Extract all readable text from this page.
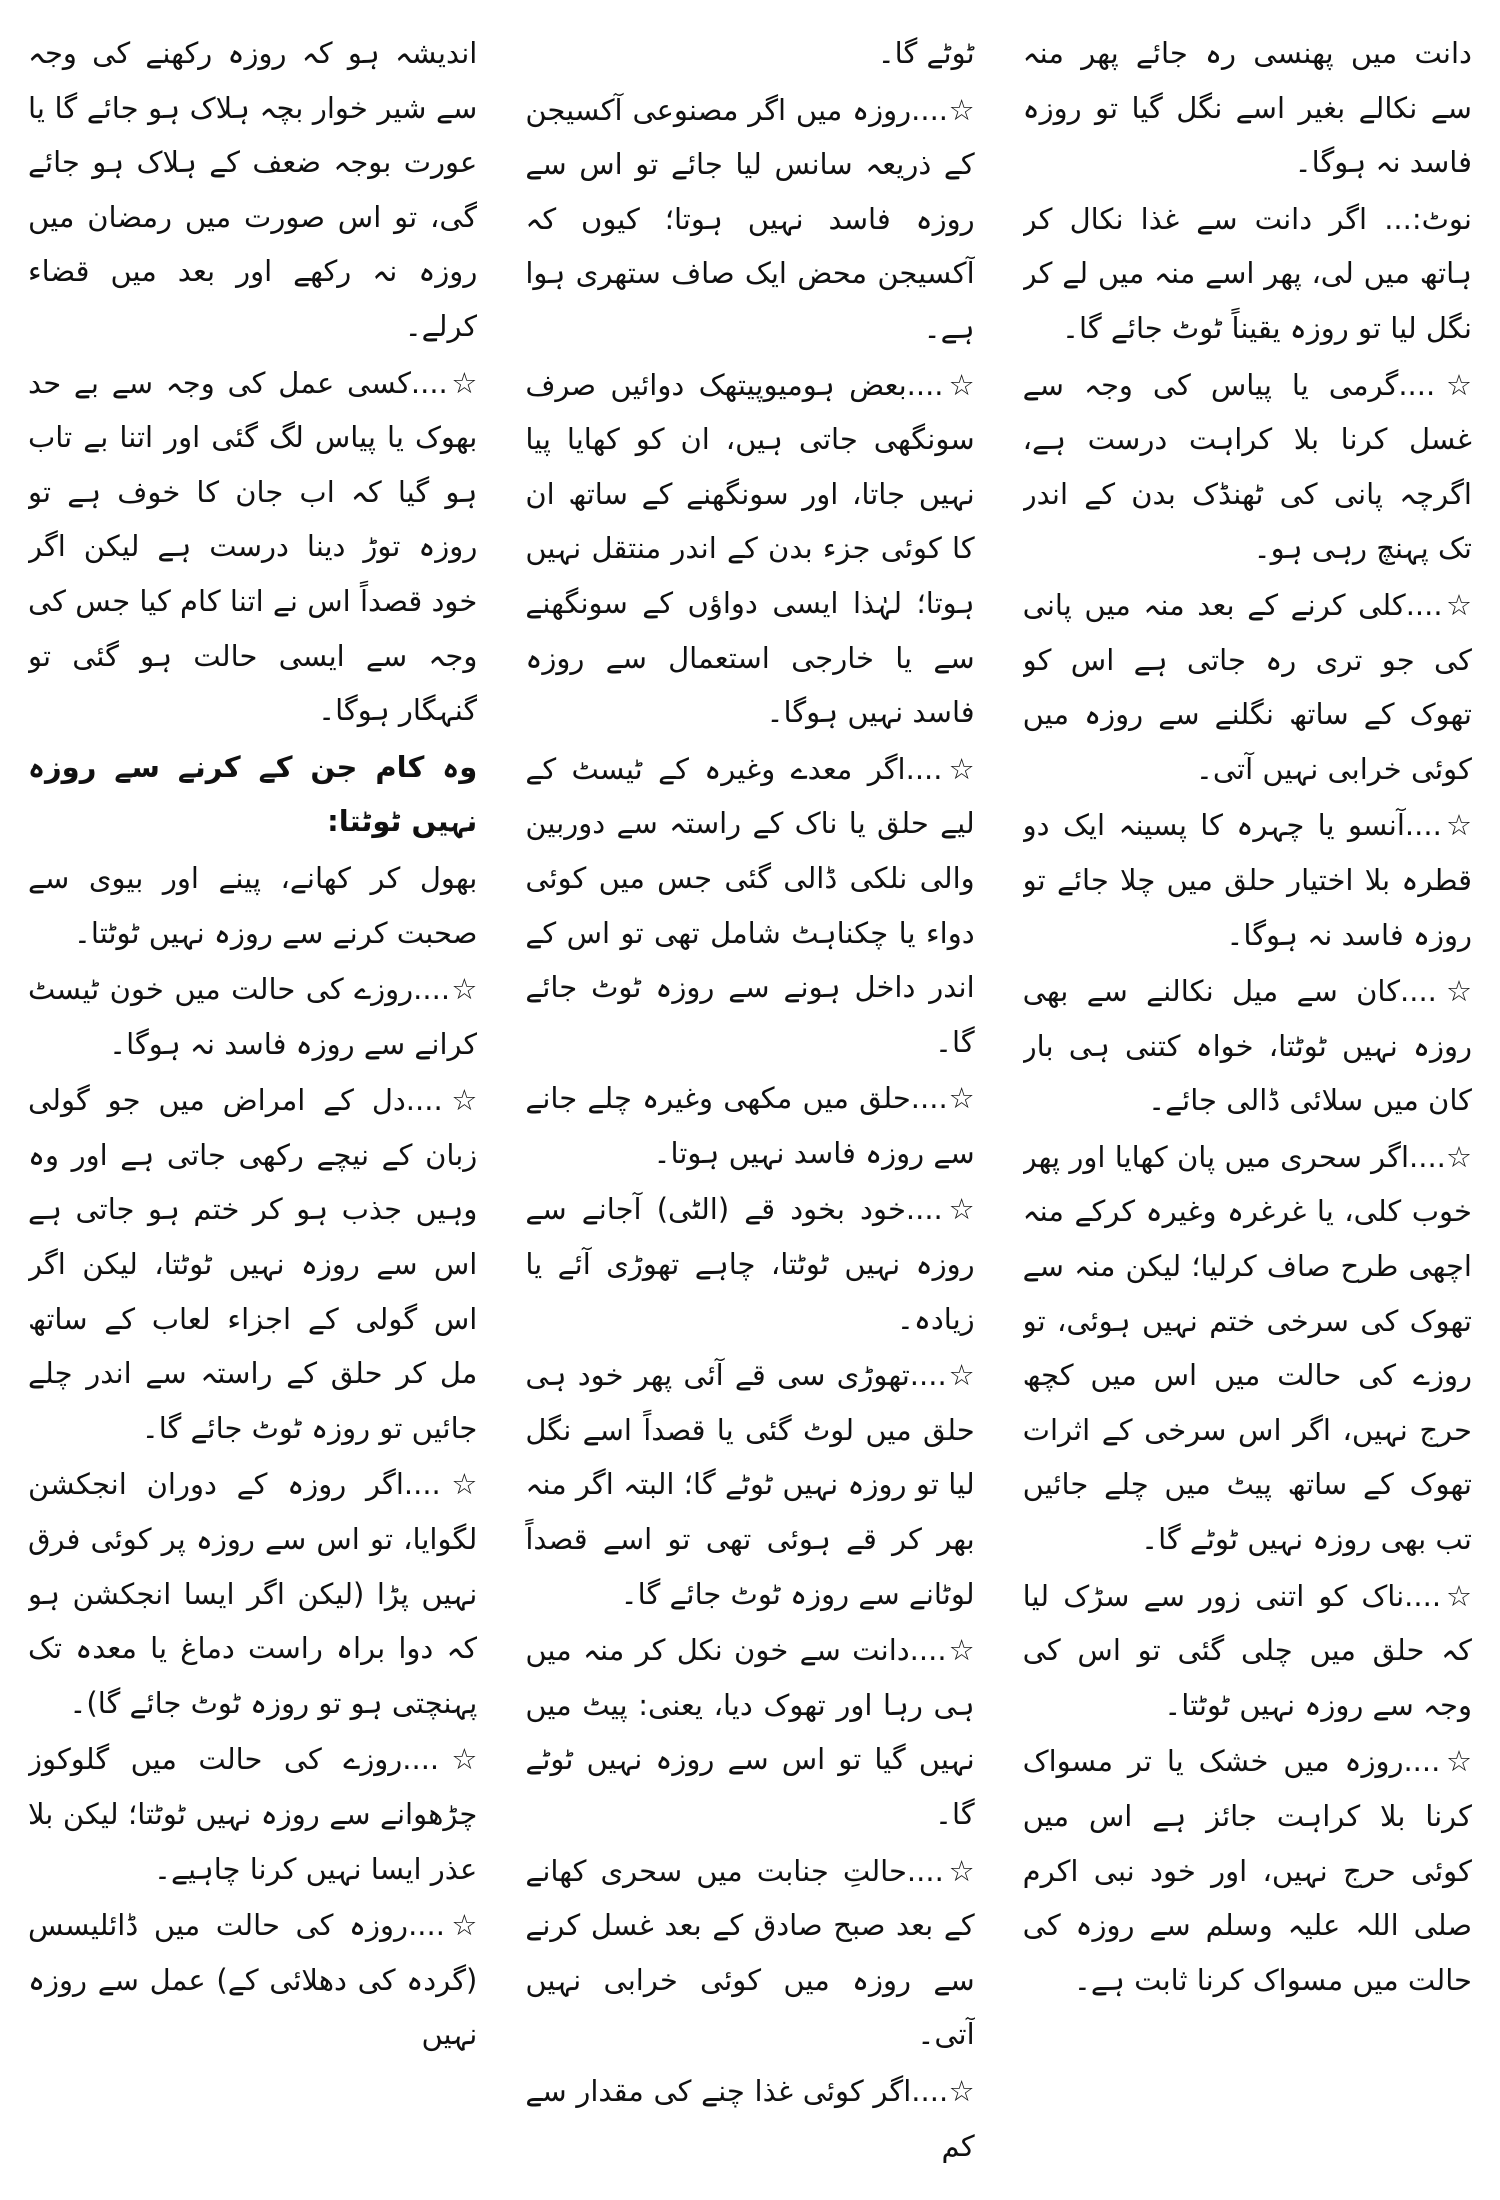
اندیشہ ہو کہ روزہ رکھنے کی وجہ سے شیر خوار بچہ ہلاک ہو جائے گا یا عورت بوجہ ضعف کے ہلاک ہو جائے گی، تو اس صورت میں رمضان میں روزہ نہ رکھے اور بعد میں قضاء کرلے۔

☆....کسی عمل کی وجہ سے بے حد بھوک یا پیاس لگ گئی اور اتنا بے تاب ہو گیا کہ اب جان کا خوف ہے تو روزہ توڑ دینا درست ہے لیکن اگر خود قصداً اس نے اتنا کام کیا جس کی وجہ سے ایسی حالت ہو گئی تو گنہگار ہوگا۔

وہ کام جن کے کرنے سے روزہ نہیں ٹوٹتا:

بھول کر کھانے، پینے اور بیوی سے صحبت کرنے سے روزہ نہیں ٹوٹتا۔

☆....روزے کی حالت میں خون ٹیسٹ کرانے سے روزہ فاسد نہ ہوگا۔

☆....دل کے امراض میں جو گولی زبان کے نیچے رکھی جاتی ہے اور وہ وہیں جذب ہو کر ختم ہو جاتی ہے اس سے روزہ نہیں ٹوٹتا، لیکن اگر اس گولی کے اجزاء لعاب کے ساتھ مل کر حلق کے راستہ سے اندر چلے جائیں تو روزہ ٹوٹ جائے گا۔

☆....اگر روزہ کے دوران انجکشن لگوایا، تو اس سے روزہ پر کوئی فرق نہیں پڑا (لیکن اگر ایسا انجکشن ہو کہ دوا براہ راست دماغ یا معدہ تک پہنچتی ہو تو روزہ ٹوٹ جائے گا)۔

☆....روزے کی حالت میں گلوکوز چڑھوانے سے روزہ نہیں ٹوٹتا؛ لیکن بلا عذر ایسا نہیں کرنا چاہیے۔

☆....روزہ کی حالت میں ڈائلیسس (گردہ کی دھلائی کے) عمل سے روزہ نہیں

ٹوٹے گا۔

☆....روزہ میں اگر مصنوعی آکسیجن کے ذریعہ سانس لیا جائے تو اس سے روزہ فاسد نہیں ہوتا؛ کیوں کہ آکسیجن محض ایک صاف ستھری ہوا ہے۔

☆....بعض ہومیوپیتھک دوائیں صرف سونگھی جاتی ہیں، ان کو کھایا پیا نہیں جاتا، اور سونگھنے کے ساتھ ان کا کوئی جزء بدن کے اندر منتقل نہیں ہوتا؛ لہٰذا ایسی دواؤں کے سونگھنے سے یا خارجی استعمال سے روزہ فاسد نہیں ہوگا۔

☆....اگر معدے وغیرہ کے ٹیسٹ کے لیے حلق یا ناک کے راستہ سے دوربین والی نلکی ڈالی گئی جس میں کوئی دواء یا چکناہٹ شامل تھی تو اس کے اندر داخل ہونے سے روزہ ٹوٹ جائے گا۔

☆....حلق میں مکھی وغیرہ چلے جانے سے روزہ فاسد نہیں ہوتا۔

☆....خود بخود قے (الٹی) آجانے سے روزہ نہیں ٹوٹتا، چاہے تھوڑی آئے یا زیادہ۔

☆....تھوڑی سی قے آئی پھر خود ہی حلق میں لوٹ گئی یا قصداً اسے نگل لیا تو روزہ نہیں ٹوٹے گا؛ البتہ اگر منہ بھر کر قے ہوئی تھی تو اسے قصداً لوٹانے سے روزہ ٹوٹ جائے گا۔

☆....دانت سے خون نکل کر منہ میں ہی رہا اور تھوک دیا، یعنی: پیٹ میں نہیں گیا تو اس سے روزہ نہیں ٹوٹے گا۔

☆....حالتِ جنابت میں سحری کھانے کے بعد صبح صادق کے بعد غسل کرنے سے روزہ میں کوئی خرابی نہیں آتی۔

☆....اگر کوئی غذا چنے کی مقدار سے کم

دانت میں پھنسی رہ جائے پھر منہ سے نکالے بغیر اسے نگل گیا تو روزہ فاسد نہ ہوگا۔

نوٹ:... اگر دانت سے غذا نکال کر ہاتھ میں لی، پھر اسے منہ میں لے کر نگل لیا تو روزہ یقیناً ٹوٹ جائے گا۔

☆....گرمی یا پیاس کی وجہ سے غسل کرنا بلا کراہت درست ہے، اگرچہ پانی کی ٹھنڈک بدن کے اندر تک پہنچ رہی ہو۔

☆....کلی کرنے کے بعد منہ میں پانی کی جو تری رہ جاتی ہے اس کو تھوک کے ساتھ نگلنے سے روزہ میں کوئی خرابی نہیں آتی۔

☆....آنسو یا چہرہ کا پسینہ ایک دو قطرہ بلا اختیار حلق میں چلا جائے تو روزہ فاسد نہ ہوگا۔

☆....کان سے میل نکالنے سے بھی روزہ نہیں ٹوٹتا، خواہ کتنی ہی بار کان میں سلائی ڈالی جائے۔

☆....اگر سحری میں پان کھایا اور پھر خوب کلی، یا غرغرہ وغیرہ کرکے منہ اچھی طرح صاف کرلیا؛ لیکن منہ سے تھوک کی سرخی ختم نہیں ہوئی، تو روزے کی حالت میں اس میں کچھ حرج نہیں، اگر اس سرخی کے اثرات تھوک کے ساتھ پیٹ میں چلے جائیں تب بھی روزہ نہیں ٹوٹے گا۔

☆....ناک کو اتنی زور سے سڑک لیا کہ حلق میں چلی گئی تو اس کی وجہ سے روزہ نہیں ٹوٹتا۔

☆....روزہ میں خشک یا تر مسواک کرنا بلا کراہت جائز ہے اس میں کوئی حرج نہیں، اور خود نبی اکرم صلی اللہ علیہ وسلم سے روزہ کی حالت میں مسواک کرنا ثابت ہے۔
